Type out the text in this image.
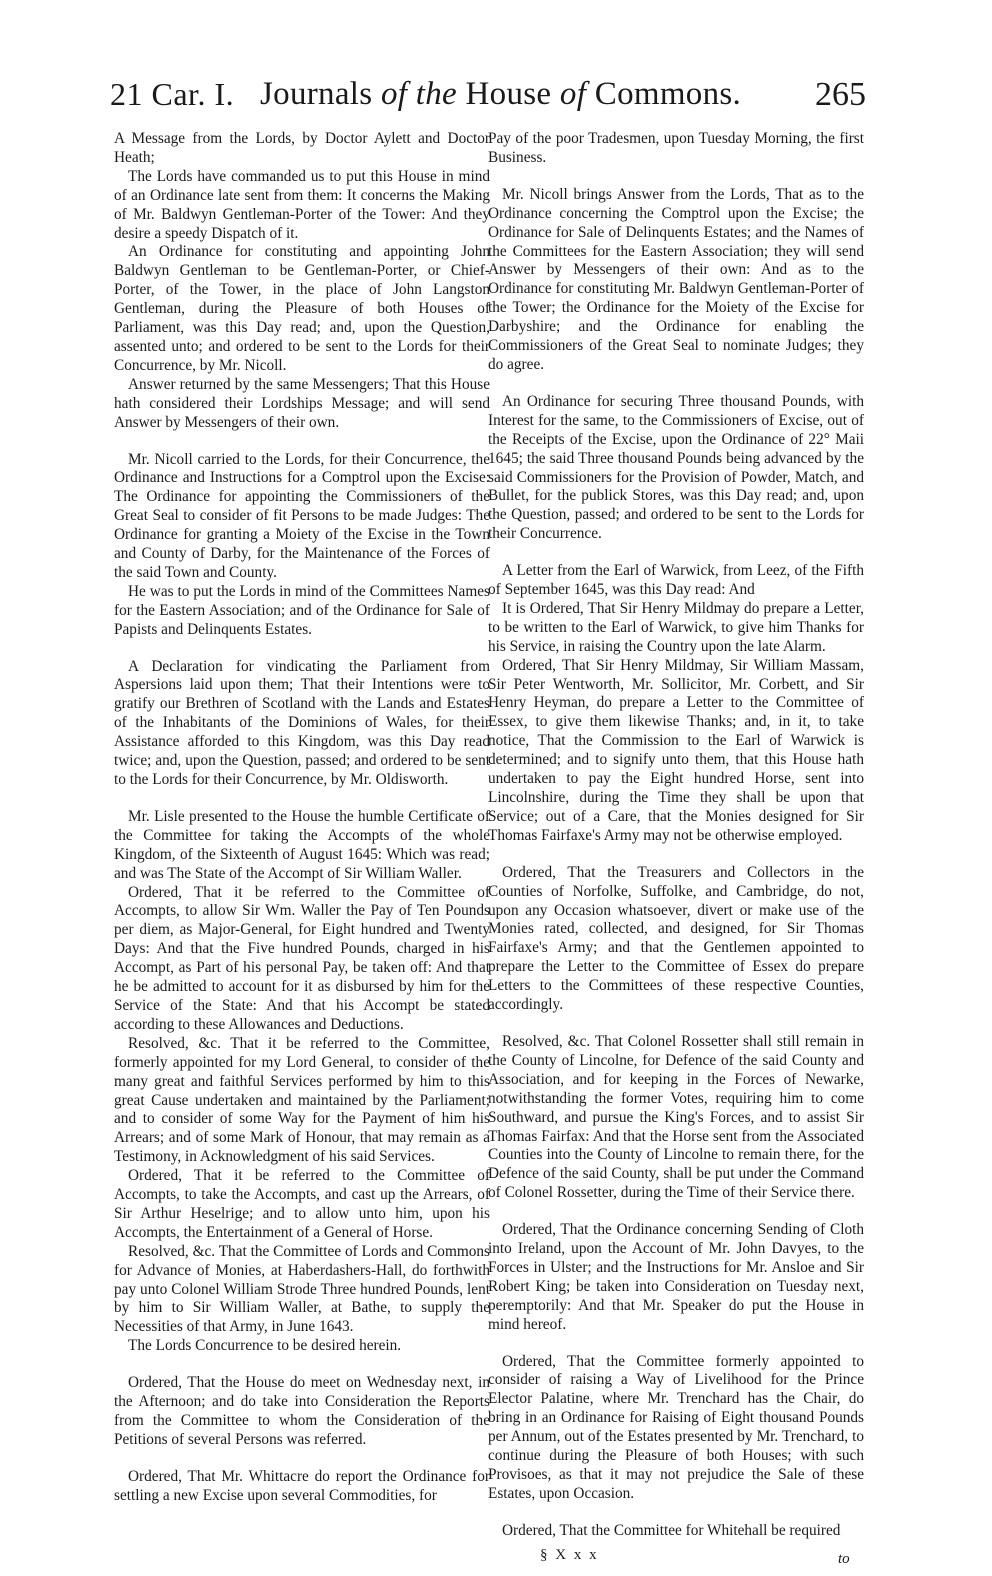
21 Car. I. Journals of the House of Commons. 265

A Message from the Lords, by Doctor Aylett and Doctor Heath;

The Lords have commanded us to put this House in mind of an Ordinance late sent from them: It concerns the Making of Mr. Baldwyn Gentleman-Porter of the Tower: And they desire a speedy Dispatch of it.

An Ordinance for constituting and appointing John Baldwyn Gentleman to be Gentleman-Porter, or Chief-Porter, of the Tower, in the place of John Langston Gentleman, during the Pleasure of both Houses of Parliament, was this Day read; and, upon the Question, assented unto; and ordered to be sent to the Lords for their Concurrence, by Mr. Nicoll.

Answer returned by the same Messengers; That this House hath considered their Lordships Message; and will send Answer by Messengers of their own.

Mr. Nicoll carried to the Lords, for their Concurrence, the Ordinance and Instructions for a Comptrol upon the Excise: The Ordinance for appointing the Commissioners of the Great Seal to consider of fit Persons to be made Judges: The Ordinance for granting a Moiety of the Excise in the Town and County of Darby, for the Maintenance of the Forces of the said Town and County.

He was to put the Lords in mind of the Committees Names for the Eastern Association; and of the Ordinance for Sale of Papists and Delinquents Estates.

A Declaration for vindicating the Parliament from Aspersions laid upon them; That their Intentions were to gratify our Brethren of Scotland with the Lands and Estates of the Inhabitants of the Dominions of Wales, for their Assistance afforded to this Kingdom, was this Day read twice; and, upon the Question, passed; and ordered to be sent to the Lords for their Concurrence, by Mr. Oldisworth.

Mr. Lisle presented to the House the humble Certificate of the Committee for taking the Accompts of the whole Kingdom, of the Sixteenth of August 1645: Which was read; and was The State of the Accompt of Sir William Waller.

Ordered, That it be referred to the Committee of Accompts, to allow Sir Wm. Waller the Pay of Ten Pounds per diem, as Major-General, for Eight hundred and Twenty Days: And that the Five hundred Pounds, charged in his Accompt, as Part of his personal Pay, be taken off: And that he be admitted to account for it as disbursed by him for the Service of the State: And that his Accompt be stated according to these Allowances and Deductions.

Resolved, &c. That it be referred to the Committee, formerly appointed for my Lord General, to consider of the many great and faithful Services performed by him to this great Cause undertaken and maintained by the Parliament; and to consider of some Way for the Payment of him his Arrears; and of some Mark of Honour, that may remain as a Testimony, in Acknowledgment of his said Services.

Ordered, That it be referred to the Committee of Accompts, to take the Accompts, and cast up the Arrears, of Sir Arthur Heselrige; and to allow unto him, upon his Accompts, the Entertainment of a General of Horse.

Resolved, &c. That the Committee of Lords and Commons for Advance of Monies, at Haberdashers-Hall, do forthwith pay unto Colonel William Strode Three hundred Pounds, lent by him to Sir William Waller, at Bathe, to supply the Necessities of that Army, in June 1643.

The Lords Concurrence to be desired herein.

Ordered, That the House do meet on Wednesday next, in the Afternoon; and do take into Consideration the Reports from the Committee to whom the Consideration of the Petitions of several Persons was referred.

Ordered, That Mr. Whittacre do report the Ordinance for settling a new Excise upon several Commodities, for

Pay of the poor Tradesmen, upon Tuesday Morning, the first Business.

Mr. Nicoll brings Answer from the Lords, That as to the Ordinance concerning the Comptrol upon the Excise; the Ordinance for Sale of Delinquents Estates; and the Names of the Committees for the Eastern Association; they will send Answer by Messengers of their own: And as to the Ordinance for constituting Mr. Baldwyn Gentleman-Porter of the Tower; the Ordinance for the Moiety of the Excise for Darbyshire; and the Ordinance for enabling the Commissioners of the Great Seal to nominate Judges; they do agree.

An Ordinance for securing Three thousand Pounds, with Interest for the same, to the Commissioners of Excise, out of the Receipts of the Excise, upon the Ordinance of 22° Maii 1645; the said Three thousand Pounds being advanced by the said Commissioners for the Provision of Powder, Match, and Bullet, for the publick Stores, was this Day read; and, upon the Question, passed; and ordered to be sent to the Lords for their Concurrence.

A Letter from the Earl of Warwick, from Leez, of the Fifth of September 1645, was this Day read: And

It is Ordered, That Sir Henry Mildmay do prepare a Letter, to be written to the Earl of Warwick, to give him Thanks for his Service, in raising the Country upon the late Alarm.

Ordered, That Sir Henry Mildmay, Sir William Massam, Sir Peter Wentworth, Mr. Sollicitor, Mr. Corbett, and Sir Henry Heyman, do prepare a Letter to the Committee of Essex, to give them likewise Thanks; and, in it, to take notice, That the Commission to the Earl of Warwick is determined; and to signify unto them, that this House hath undertaken to pay the Eight hundred Horse, sent into Lincolnshire, during the Time they shall be upon that Service; out of a Care, that the Monies designed for Sir Thomas Fairfaxe's Army may not be otherwise employed.

Ordered, That the Treasurers and Collectors in the Counties of Norfolke, Suffolke, and Cambridge, do not, upon any Occasion whatsoever, divert or make use of the Monies rated, collected, and designed, for Sir Thomas Fairfaxe's Army; and that the Gentlemen appointed to prepare the Letter to the Committee of Essex do prepare Letters to the Committees of these respective Counties, accordingly.

Resolved, &c. That Colonel Rossetter shall still remain in the County of Lincolne, for Defence of the said County and Association, and for keeping in the Forces of Newarke, notwithstanding the former Votes, requiring him to come Southward, and pursue the King's Forces, and to assist Sir Thomas Fairfax: And that the Horse sent from the Associated Counties into the County of Lincolne to remain there, for the Defence of the said County, shall be put under the Command of Colonel Rossetter, during the Time of their Service there.

Ordered, That the Ordinance concerning Sending of Cloth into Ireland, upon the Account of Mr. John Davyes, to the Forces in Ulster; and the Instructions for Mr. Ansloe and Sir Robert King; be taken into Consideration on Tuesday next, peremptorily: And that Mr. Speaker do put the House in mind hereof.

Ordered, That the Committee formerly appointed to consider of raising a Way of Livelihood for the Prince Elector Palatine, where Mr. Trenchard has the Chair, do bring in an Ordinance for Raising of Eight thousand Pounds per Annum, out of the Estates presented by Mr. Trenchard, to continue during the Pleasure of both Houses; with such Provisoes, as that it may not prejudice the Sale of these Estates, upon Occasion.

Ordered, That the Committee for Whitehall be required

§ X x x	to
